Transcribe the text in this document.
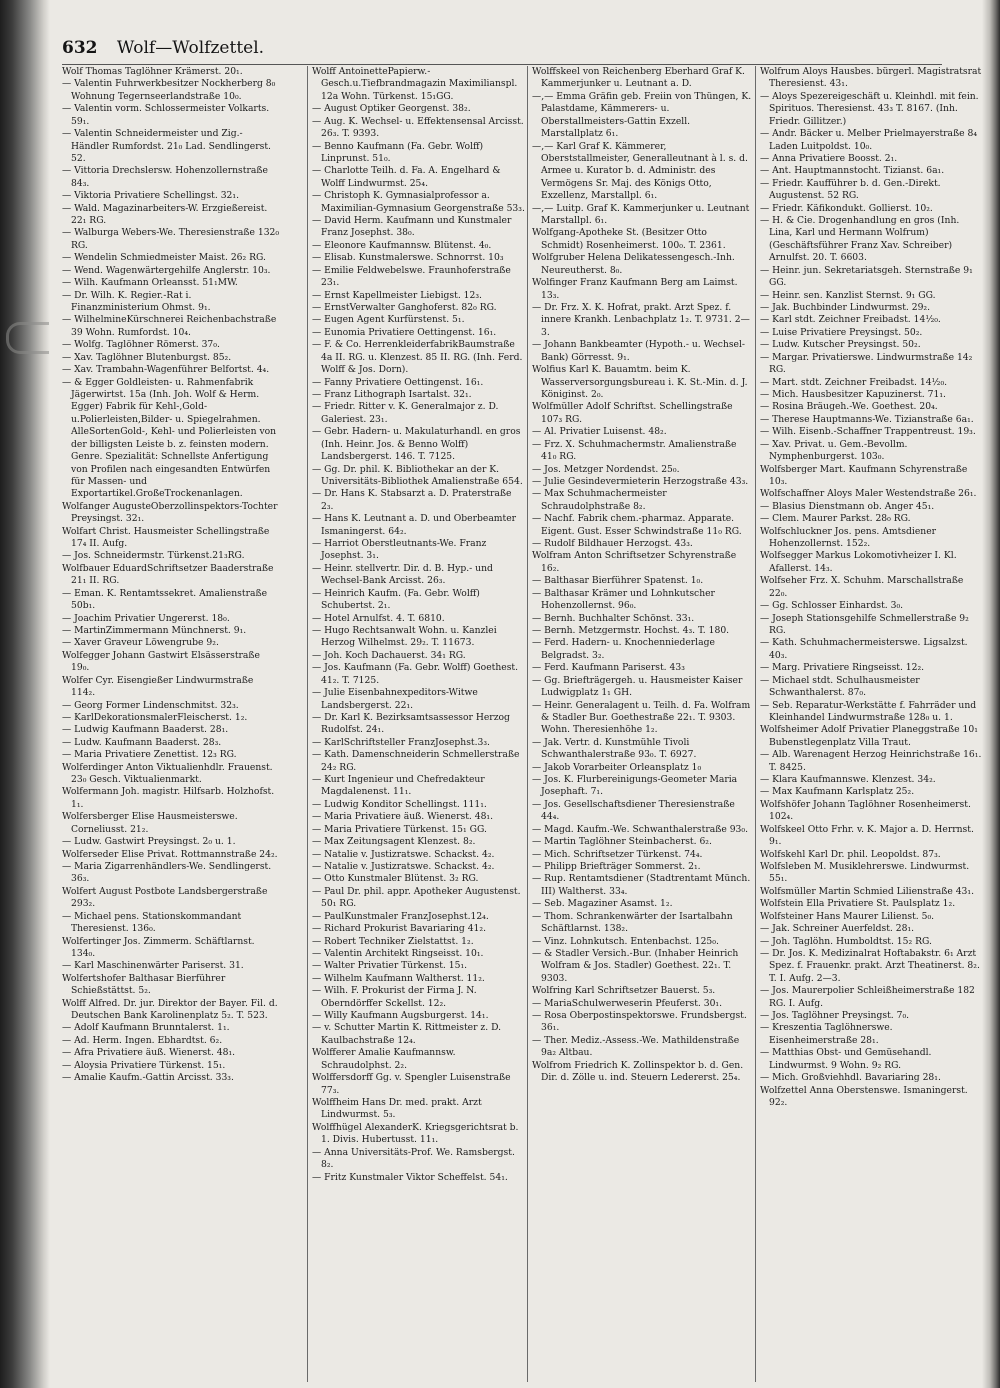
632 Wolf—Wolfzettel.

Wolf Thomas Taglöhner Krämerst. 20₁.

— Valentin Fuhrwerkbesitzer Nockherberg 8₀ Wohnung Tegernseerlandstraße 10₀.

— Valentin vorm. Schlossermeister Volkarts. 59₁.

— Valentin Schneidermeister und Zig.-Händler Rumfordst. 21₀ Lad. Sendlingerst. 52.

— Vittoria Drechslersw. Hohenzollernstraße 84₃.

— Viktoria Privatiere Schellingst. 32₁.

— Wald. Magazinarbeiters-W. Erzgießereist. 22₁ RG.

— Walburga Webers-We. Theresienstraße 132₀ RG.

— Wendelin Schmiedmeister Maist. 26₂ RG.

— Wend. Wagenwärtergehilfe Anglerstr. 10₃.

— Wilh. Kaufmann Orleansst. 51₁MW.

— Dr. Wilh. K. Regier.-Rat i. Finanzministerium Ohmst. 9₁.

— WilhelmineKürschnerei Reichenbachstraße 39 Wohn. Rumfordst. 10₄.

— Wolfg. Taglöhner Römerst. 37₀.

— Xav. Taglöhner Blutenburgst. 85₂.

— Xav. Trambahn-Wagenführer Belfortst. 4₄.

— & Egger Goldleisten- u. Rahmenfabrik Jägerwirtst. 15a (Inh. Joh. Wolf & Herm. Egger) Fabrik für Kehl-,Gold-u.Polierleisten,Bilder- u. Spiegelrahmen. AlleSortenGold-, Kehl- und Polierleisten von der billigsten Leiste b. z. feinsten modern. Genre. Spezialität: Schnellste Anfertigung von Profilen nach eingesandten Entwürfen für Massen- und Exportartikel.GroßeTrockenanlagen.

Wolfanger AugusteOberzollinspektors-Tochter Preysingst. 32₁.

Wolfart Christ. Hausmeister Schellingstraße 17₄ II. Aufg.

— Jos. Schneidermstr. Türkenst.21₃RG.

Wolfbauer EduardSchriftsetzer Baaderstraße 21₁ II. RG.

— Eman. K. Rentamtssekret. Amalienstraße 50b₁.

— Joachim Privatier Ungererst. 18₀.

— MartinZimmermann Münchnerst. 9₁.

— Xaver Graveur Löwengrube 9₂.

Wolfegger Johann Gastwirt Elsässerstraße 19₀.

Wolfer Cyr. Eisengießer Lindwurmstraße 114₂.

— Georg Former Lindenschmitst. 32₃.

— KarlDekorationsmalerFleischerst. 1₂.

— Ludwig Kaufmann Baaderst. 28₁.

— Ludw. Kaufmann Baaderst. 28₃.

— Maria Privatiere Zenettist. 12₃ RG.

Wolferdinger Anton Viktualienhdlr. Frauenst. 23₀ Gesch. Viktualienmarkt.

Wolfermann Joh. magistr. Hilfsarb. Holzhofst. 1₁.

Wolfersberger Elise Hausmeisterswe. Corneliusst. 21₂.

— Ludw. Gastwirt Preysingst. 2₀ u. 1.

Wolferseder Elise Privat. Rottmannstraße 24₂.

— Maria Zigarrenhändlers-We. Sendlingerst. 36₃.

Wolfert August Postbote Landsbergerstraße 293₂.

— Michael pens. Stationskommandant Theresienst. 136₀.

Wolfertinger Jos. Zimmerm. Schäftlarnst. 134₀.

— Karl Maschinenwärter Pariserst. 31.

Wolfertshofer Balthasar Bierführer Schießstättst. 5₂.

Wolff Alfred. Dr. jur. Direktor der Bayer. Fil. d. Deutschen Bank Karolinenplatz 5₂. T. 523.

— Adolf Kaufmann Brunntalerst. 1₁.

— Ad. Herm. Ingen. Ebhardtst. 6₂.

— Afra Privatiere äuß. Wienerst. 48₁.

— Aloysia Privatiere Türkenst. 15₁.

— Amalie Kaufm.-Gattin Arcisst. 33₃.

Wolff AntoinettePapierw.-Gesch.u.Tiefbrandmagazin Maximilianspl. 12a Wohn. Türkenst. 15₁GG.

— August Optiker Georgenst. 38₂.

— Aug. K. Wechsel- u. Effektensensal Arcisst. 26₃. T. 9393.

— Benno Kaufmann (Fa. Gebr. Wolff) Linprunst. 51₀.

— Charlotte Teilh. d. Fa. A. Engelhard & Wolff Lindwurmst. 25₄.

— Christoph K. Gymnasialprofessor a. Maximilian-Gymnasium Georgenstraße 53₃.

— David Herm. Kaufmann und Kunstmaler Franz Josephst. 38₀.

— Eleonore Kaufmannsw. Blütenst. 4₀.

— Elisab. Kunstmalerswe. Schnorrst. 10₃

— Emilie Feldwebelswe. Fraunhoferstraße 23₁.

— Ernst Kapellmeister Liebigst. 12₃.

— ErnstVerwalter Ganghoferst. 82₀ RG.

— Eugen Agent Kurfürstenst. 5₁.

— Eunomia Privatiere Oettingenst. 16₁.

— F. & Co. HerrenkleiderfabrikBaumstraße 4a II. RG. u. Klenzest. 85 II. RG. (Inh. Ferd. Wolff & Jos. Dorn).

— Fanny Privatiere Oettingenst. 16₁.

— Franz Lithograph Isartalst. 32₁.

— Friedr. Ritter v. K. Generalmajor z. D. Galeriest. 23₁.

— Gebr. Hadern- u. Makulaturhandl. en gros (Inh. Heinr. Jos. & Benno Wolff) Landsbergerst. 146. T. 7125.

— Gg. Dr. phil. K. Bibliothekar an der K. Universitäts-Bibliothek Amalienstraße 654.

— Dr. Hans K. Stabsarzt a. D. Praterstraße 2₃.

— Hans K. Leutnant a. D. und Oberbeamter Ismaningerst. 64₂.

— Harriot Oberstleutnants-We. Franz Josephst. 3₁.

— Heinr. stellvertr. Dir. d. B. Hyp.- und Wechsel-Bank Arcisst. 26₃.

— Heinrich Kaufm. (Fa. Gebr. Wolff) Schubertst. 2₁.

— Hotel Arnulfst. 4. T. 6810.

— Hugo Rechtsanwalt Wohn. u. Kanzlei Herzog Wilhelmst. 29₂. T. 11673.

— Joh. Koch Dachauerst. 34₁ RG.

— Jos. Kaufmann (Fa. Gebr. Wolff) Goethest. 41₂. T. 7125.

— Julie Eisenbahnexpeditors-Witwe Landsbergerst. 22₁.

— Dr. Karl K. Bezirksamtsassessor Herzog Rudolfst. 24₁.

— KarlSchriftsteller FranzJosephst.3₃.

— Kath. Damenschneiderin Schmellerstraße 24₂ RG.

— Kurt Ingenieur und Chefredakteur Magdalenenst. 11₁.

— Ludwig Konditor Schellingst. 111₁.

— Maria Privatiere äuß. Wienerst. 48₁.

— Maria Privatiere Türkenst. 15₁ GG.

— Max Zeitungsagent Klenzest. 8₂.

— Natalie v. Justizratswe. Schackst. 4₂.

— Natalie v. Justizratswe. Schackst. 4₂.

— Otto Kunstmaler Blütenst. 3₂ RG.

— Paul Dr. phil. appr. Apotheker Augustenst. 50₁ RG.

— PaulKunstmaler FranzJosephst.12₄.

— Richard Prokurist Bavariaring 41₂.

— Robert Techniker Zielstattst. 1₂.

— Valentin Architekt Ringseisst. 10₁.

— Walter Privatier Türkenst. 15₁.

— Wilhelm Kaufmann Waltherst. 11₂.

— Wilh. F. Prokurist der Firma J. N. Oberndörffer Sckellst. 12₂.

— Willy Kaufmann Augsburgerst. 14₁.

— v. Schutter Martin K. Rittmeister z. D. Kaulbachstraße 12₄.

Wolfferer Amalie Kaufmannsw. Schraudolphst. 2₂.

Wolffersdorff Gg. v. Spengler Luisenstraße 77₃.

Wolffheim Hans Dr. med. prakt. Arzt Lindwurmst. 5₃.

Wolffhügel AlexanderK. Kriegsgerichtsrat b. 1. Divis. Hubertusst. 11₁.

— Anna Universitäts-Prof. We. Ramsbergst. 8₂.

— Fritz Kunstmaler Viktor Scheffelst. 54₁.

Wolffskeel von Reichenberg Eberhard Graf K. Kammerjunker u. Leutnant a. D.

—,— Emma Gräfin geb. Freiin von Thüngen, K. Palastdame, Kämmerers- u. Oberstallmeisters-Gattin Exzell. Marstallplatz 6₁.

—,— Karl Graf K. Kämmerer, Oberststallmeister, Generalleutnant à l. s. d. Armee u. Kurator b. d. Administr. des Vermögens Sr. Maj. des Königs Otto, Exzellenz, Marstallpl. 6₁.

—,— Luitp. Graf K. Kammerjunker u. Leutnant Marstallpl. 6₁.

Wolfgang-Apotheke St. (Besitzer Otto Schmidt) Rosenheimerst. 100₀. T. 2361.

Wolfgruber Helena Delikatessengesch.-Inh. Neureutherst. 8₀.

Wolfinger Franz Kaufmann Berg am Laimst. 13₃.

— Dr. Frz. X. K. Hofrat, prakt. Arzt Spez. f. innere Krankh. Lenbachplatz 1₂. T. 9731. 2—3.

— Johann Bankbeamter (Hypoth.- u. Wechsel-Bank) Görresst. 9₁.

Wolfius Karl K. Bauamtm. beim K. Wasserversorgungsbureau i. K. St.-Min. d. J. Königinst. 2₀.

Wolfmüller Adolf Schriftst. Schellingstraße 107₃ RG.

— Al. Privatier Luisenst. 48₂.

— Frz. X. Schuhmachermstr. Amalienstraße 41₀ RG.

— Jos. Metzger Nordendst. 25₀.

— Julie Gesindevermieterin Herzogstraße 43₃.

— Max Schuhmachermeister Schraudolphstraße 8₂.

— Nachf. Fabrik chem.-pharmaz. Apparate. Eigent. Gust. Esser Schwindstraße 11₀ RG.

— Rudolf Bildhauer Herzogst. 43₃.

Wolfram Anton Schriftsetzer Schyrenstraße 16₂.

— Balthasar Bierführer Spatenst. 1₀.

— Balthasar Krämer und Lohnkutscher Hohenzollernst. 96₀.

— Bernh. Buchhalter Schönst. 33₁.

— Bernh. Metzgermstr. Hochst. 4₃. T. 180.

— Ferd. Hadern- u. Knochenniederlage Belgradst. 3₂.

— Ferd. Kaufmann Pariserst. 43₃

— Gg. Briefträgergeh. u. Hausmeister Kaiser Ludwigplatz 1₁ GH.

— Heinr. Generalagent u. Teilh. d. Fa. Wolfram & Stadler Bur. Goethestraße 22₁. T. 9303. Wohn. Theresienhöhe 1₂.

— Jak. Vertr. d. Kunstmühle Tivoli Schwanthalerstraße 93₀. T. 6927.

— Jakob Vorarbeiter Orleansplatz 1₀

— Jos. K. Flurbereinigungs-Geometer Maria Josephaft. 7₁.

— Jos. Gesellschaftsdiener Theresienstraße 44₄.

— Magd. Kaufm.-We. Schwanthalerstraße 93₀.

— Martin Taglöhner Steinbacherst. 6₂.

— Mich. Schriftsetzer Türkenst. 74₄.

— Philipp Briefträger Sommerst. 2₁.

— Rup. Rentamtsdiener (Stadtrentamt Münch. III) Waltherst. 33₄.

— Seb. Magaziner Asamst. 1₂.

— Thom. Schrankenwärter der Isartalbahn Schäftlarnst. 138₂.

— Vinz. Lohnkutsch. Entenbachst. 125₀.

— & Stadler Versich.-Bur. (Inhaber Heinrich Wolfram & Jos. Stadler) Goethest. 22₁. T. 9303.

Wolfring Karl Schriftsetzer Bauerst. 5₃.

— MariaSchulwerweserin Pfeuferst. 30₁.

— Rosa Oberpostinspektorswe. Frundsbergst. 36₁.

— Ther. Mediz.-Assess.-We. Mathildenstraße 9a₂ Altbau.

Wolfrom Friedrich K. Zollinspektor b. d. Gen. Dir. d. Zölle u. ind. Steuern Ledererst. 25₄.

Wolfrum Aloys Hausbes. bürgerl. Magistratsrat Theresienst. 43₁.

— Aloys Spezereigeschäft u. Kleinhdl. mit fein. Spirituos. Theresienst. 43₃ T. 8167. (Inh. Friedr. Gillitzer.)

— Andr. Bäcker u. Melber Prielmayerstraße 8₄ Laden Luitpoldst. 10₀.

— Anna Privatiere Boosst. 2₁.

— Ant. Hauptmannstocht. Tizianst. 6a₁.

— Friedr. Kaufführer b. d. Gen.-Direkt. Augustenst. 52 RG.

— Friedr. Käfikondukt. Gollierst. 10₂.

— H. & Cie. Drogenhandlung en gros (Inh. Lina, Karl und Hermann Wolfrum) (Geschäftsführer Franz Xav. Schreiber) Arnulfst. 20. T. 6603.

— Heinr. jun. Sekretariatsgeh. Sternstraße 9₁ GG.

— Heinr. sen. Kanzlist Sternst. 9₁ GG.

— Jak. Buchbinder Lindwurmst. 29₂.

— Karl stdt. Zeichner Freibadst. 14½₀.

— Luise Privatiere Preysingst. 50₂.

— Ludw. Kutscher Preysingst. 50₂.

— Margar. Privatierswe. Lindwurmstraße 14₂ RG.

— Mart. stdt. Zeichner Freibadst. 14½₀.

— Mich. Hausbesitzer Kapuzinerst. 71₁.

— Rosina Bräugeh.-We. Goethest. 20₄.

— Therese Hauptmanns-We. Tizianstraße 6a₁.

— Wilh. Eisenb.-Schaffner Trappentreust. 19₃.

— Xav. Privat. u. Gem.-Bevollm. Nymphenburgerst. 103₀.

Wolfsberger Mart. Kaufmann Schyrenstraße 10₃.

Wolfschaffner Aloys Maler Westendstraße 26₁.

— Blasius Dienstmann ob. Anger 45₁.

— Clem. Maurer Parkst. 28₀ RG.

Wolfschluckner Jos. pens. Amtsdiener Hohenzollernst. 152₂.

Wolfsegger Markus Lokomotivheizer I. Kl. Afallerst. 14₃.

Wolfseher Frz. X. Schuhm. Marschallstraße 22₀.

— Gg. Schlosser Einhardst. 3₀.

— Joseph Stationsgehilfe Schmellerstraße 9₂ RG.

— Kath. Schuhmachermeisterswe. Ligsalzst. 40₃.

— Marg. Privatiere Ringseisst. 12₂.

— Michael stdt. Schulhausmeister Schwanthalerst. 87₀.

— Seb. Reparatur-Werkstätte f. Fahrräder und Kleinhandel Lindwurmstraße 128₀ u. 1.

Wolfsheimer Adolf Privatier Planeggstraße 10₁ Bubenstlegenplatz Villa Traut.

— Alb. Warenagent Herzog Heinrichstraße 16₁. T. 8425.

— Klara Kaufmannswe. Klenzest. 34₂.

— Max Kaufmann Karlsplatz 25₂.

Wolfshöfer Johann Taglöhner Rosenheimerst. 102₄.

Wolfskeel Otto Frhr. v. K. Major a. D. Herrnst. 9₁.

Wolfskehl Karl Dr. phil. Leopoldst. 87₃.

Wolfsleben M. Musiklehrerswe. Lindwurmst. 55₁.

Wolfsmüller Martin Schmied Lilienstraße 43₁.

Wolfstein Ella Privatiere St. Paulsplatz 1₂.

Wolfsteiner Hans Maurer Lilienst. 5₀.

— Jak. Schreiner Auerfeldst. 28₁.

— Joh. Taglöhn. Humboldtst. 15₂ RG.

— Dr. Jos. K. Medizinalrat Hoftabakstr. 6₁ Arzt Spez. f. Frauenkr. prakt. Arzt Theatinerst. 8₂. T. I. Aufg. 2—3.

— Jos. Maurerpolier Schleißheimerstraße 182 RG. I. Aufg.

— Jos. Taglöhner Preysingst. 7₀.

— Kreszentia Taglöhnerswe. Eisenheimerstraße 28₁.

— Matthias Obst- und Gemüsehandl. Lindwurmst. 9 Wohn. 9₂ RG.

— Mich. Großviehhdl. Bavariaring 28₁.

Wolfzettel Anna Oberstenswe. Ismaningerst. 92₂.
